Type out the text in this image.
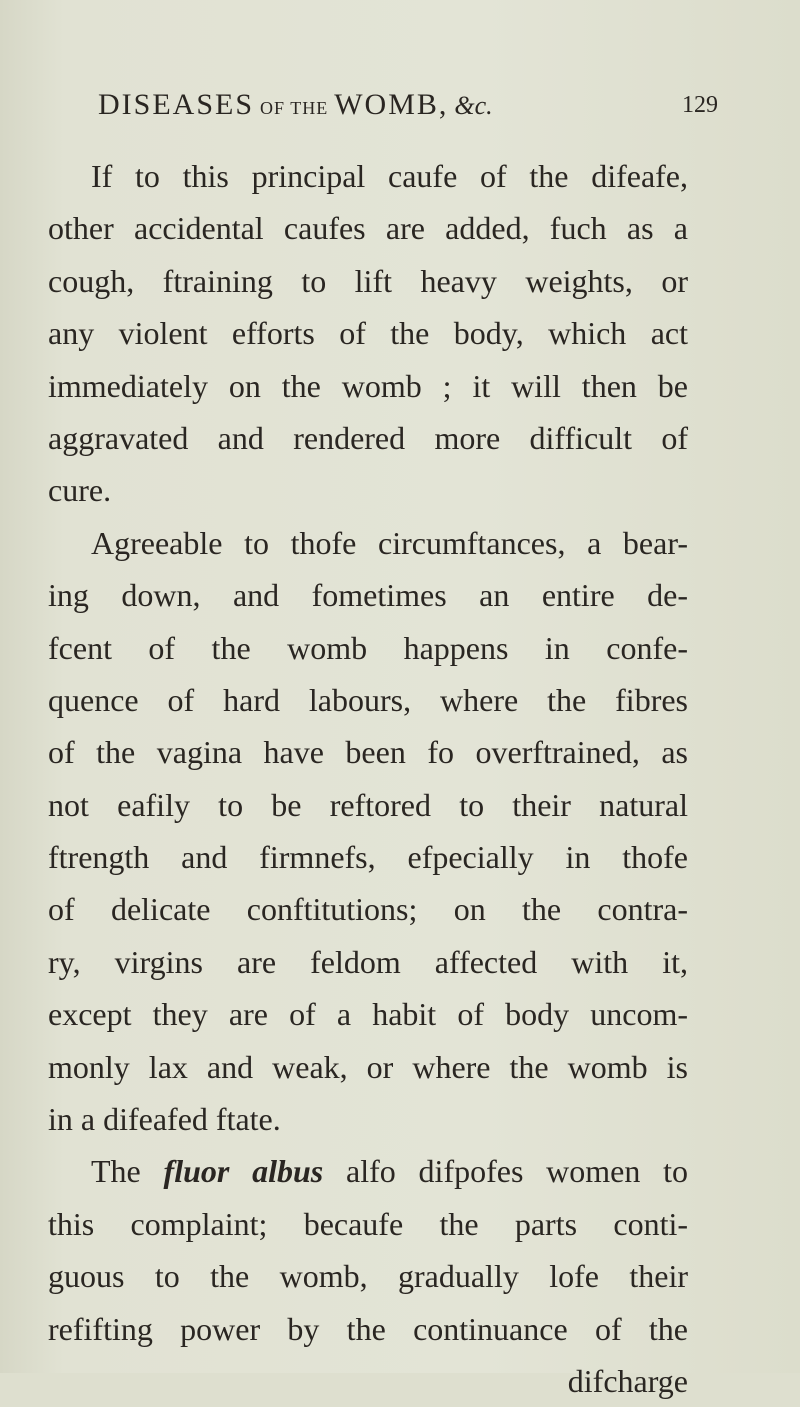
DISEASES OF THE WOMB, &c.	129
If to this principal caufe of the difeafe,
other accidental caufes are added, fuch as a
cough, ftraining to lift heavy weights, or
any violent efforts of the body, which act
immediately on the womb ; it will then be
aggravated and rendered more difficult of
cure.
Agreeable to thofe circumftances, a bear-
ing down, and fometimes an entire de-
fcent of the womb happens in confe-
quence of hard labours, where the fibres
of the vagina have been fo overftrained, as
not eafily to be reftored to their natural
ftrength and firmnefs, efpecially in thofe
of delicate conftitutions; on the contra-
ry, virgins are feldom affected with it,
except they are of a habit of body uncom-
monly lax and weak, or where the womb is
in a difeafed ftate.
The fluor albus alfo difpofes women to
this complaint; becaufe the parts conti-
guous to the womb, gradually lofe their
refifting power by the continuance of the
difcharge
